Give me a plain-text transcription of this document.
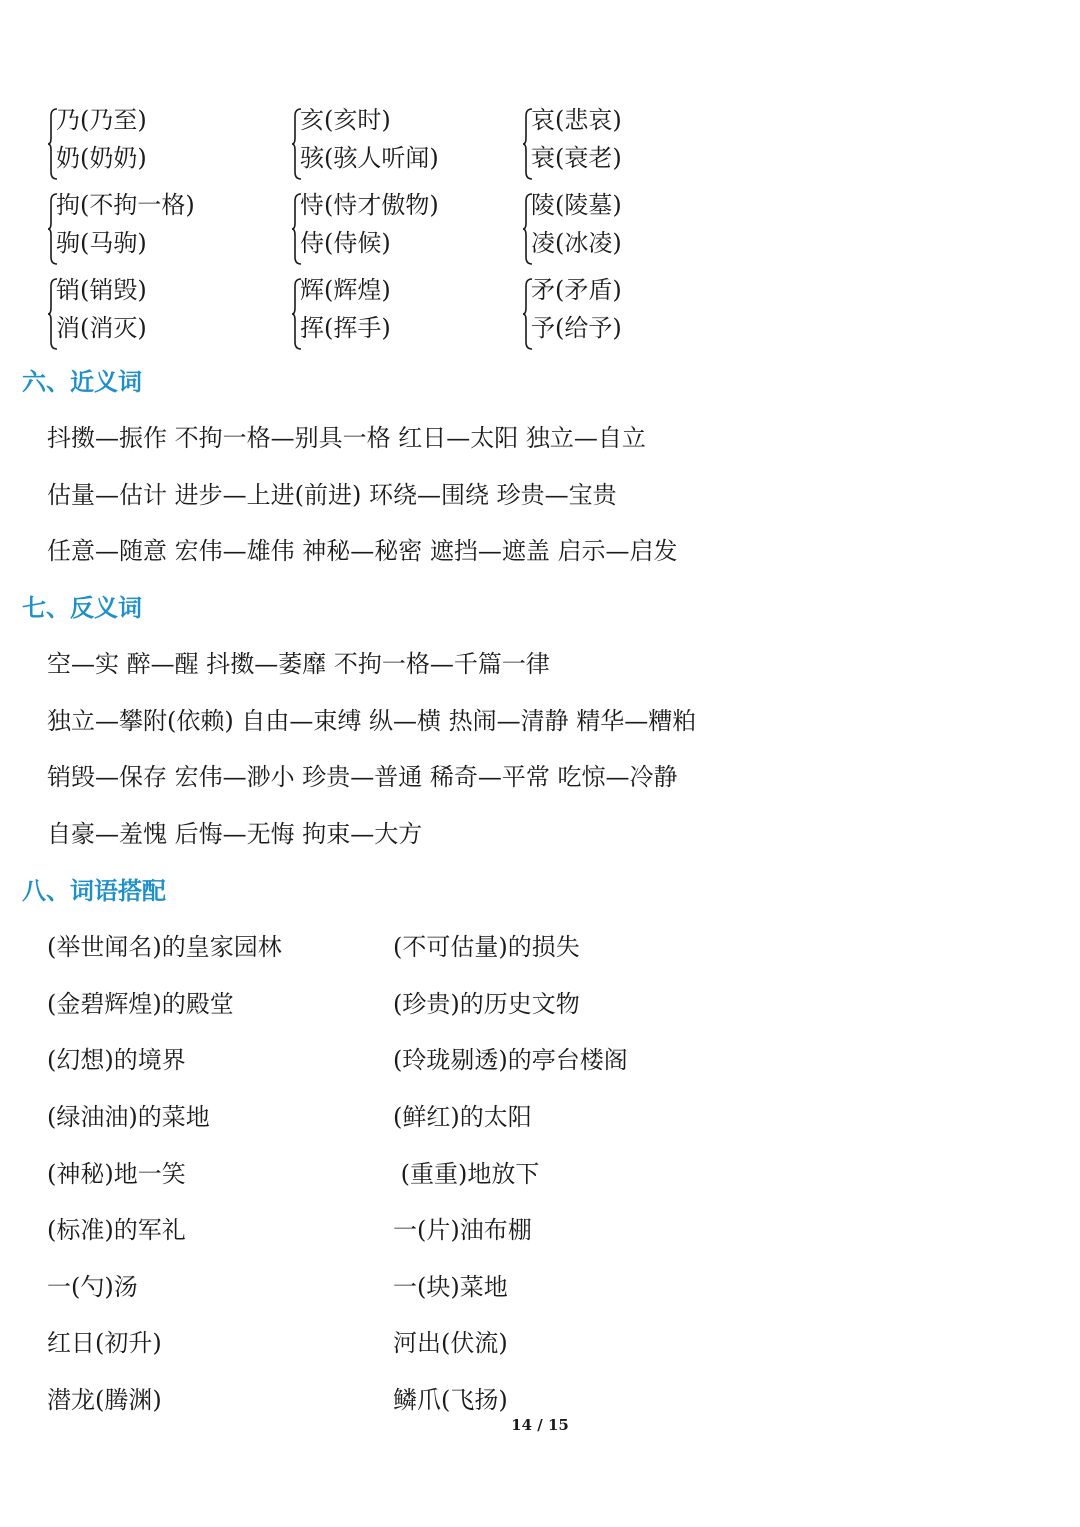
乃(乃至)
奶(奶奶)
亥(亥时)
骇(骇人听闻)
哀(悲哀)
衰(衰老)
拘(不拘一格)
驹(马驹)
恃(恃才傲物)
侍(侍候)
陵(陵墓)
凌(冰凌)
销(销毁)
消(消灭)
辉(辉煌)
挥(挥手)
矛(矛盾)
予(给予)
六、近义词
抖擞—振作 不拘一格—别具一格 红日—太阳 独立—自立
估量—估计 进步—上进(前进) 环绕—围绕 珍贵—宝贵
任意—随意 宏伟—雄伟 神秘—秘密 遮挡—遮盖 启示—启发
七、反义词
空—实 醉—醒 抖擞—萎靡 不拘一格—千篇一律
独立—攀附(依赖) 自由—束缚 纵—横 热闹—清静 精华—糟粕
销毁—保存 宏伟—渺小 珍贵—普通 稀奇—平常 吃惊—冷静
自豪—羞愧 后悔—无悔 拘束—大方
八、词语搭配
(举世闻名)的皇家园林	(不可估量)的损失
(金碧辉煌)的殿堂	(珍贵)的历史文物
(幻想)的境界	(玲珑剔透)的亭台楼阁
(绿油油)的菜地	(鲜红)的太阳
(神秘)地一笑	(重重)地放下
(标准)的军礼	一(片)油布棚
一(勺)汤	一(块)菜地
红日(初升)	河出(伏流)
潜龙(腾渊)	鳞爪(飞扬)
14 / 15
